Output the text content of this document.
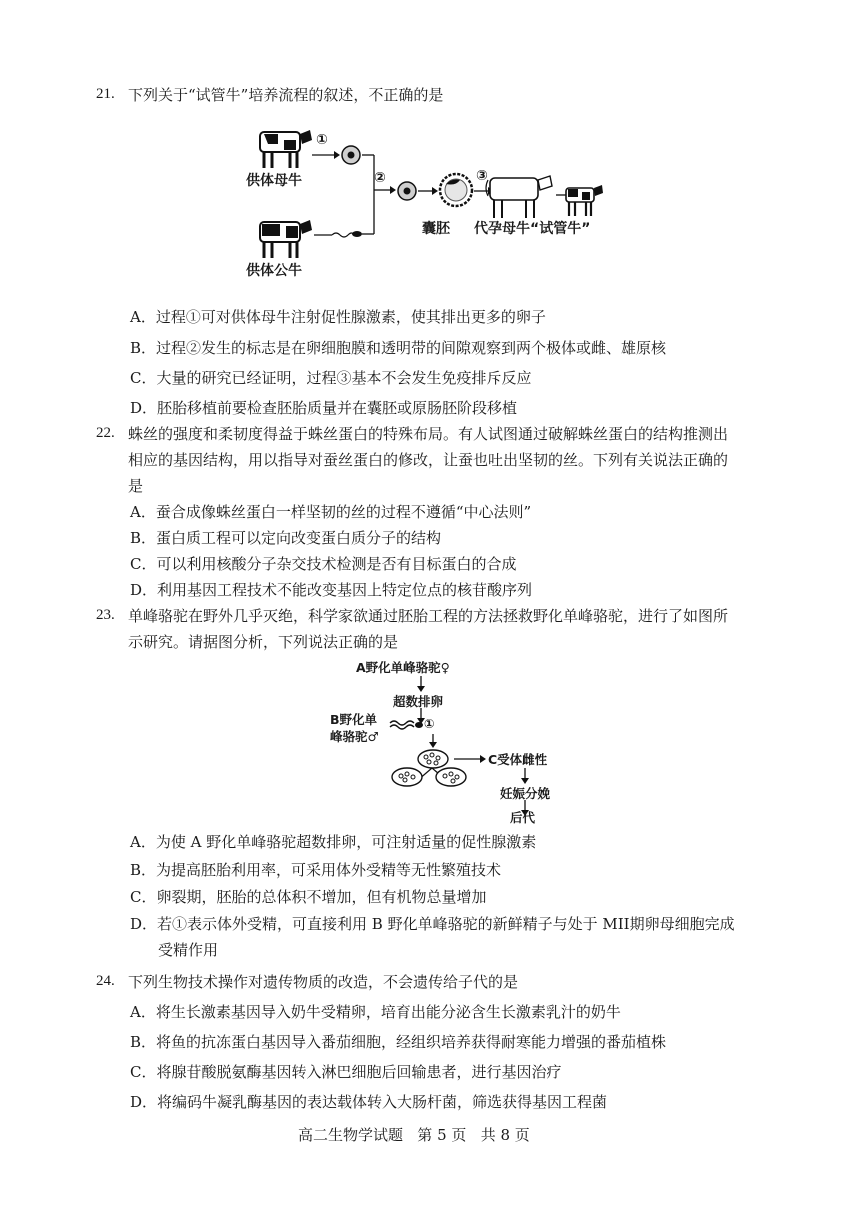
21. 下列关于“试管牛”培养流程的叙述，不正确的是
供体母牛
①
②
供体公牛
囊胚
③
代孕母牛“试管牛”
A．过程①可对供体母牛注射促性腺激素，使其排出更多的卵子
B．过程②发生的标志是在卵细胞膜和透明带的间隙观察到两个极体或雌、雄原核
C．大量的研究已经证明，过程③基本不会发生免疫排斥反应
D．胚胎移植前要检查胚胎质量并在囊胚或原肠胚阶段移植
22. 蛛丝的强度和柔韧度得益于蛛丝蛋白的特殊布局。有人试图通过破解蛛丝蛋白的结构推测出
相应的基因结构，用以指导对蚕丝蛋白的修改，让蚕也吐出坚韧的丝。下列有关说法正确的
是
A．蚕合成像蛛丝蛋白一样坚韧的丝的过程不遵循“中心法则”
B．蛋白质工程可以定向改变蛋白质分子的结构
C．可以利用核酸分子杂交技术检测是否有目标蛋白的合成
D．利用基因工程技术不能改变基因上特定位点的核苷酸序列
23. 单峰骆驼在野外几乎灭绝，科学家欲通过胚胎工程的方法拯救野化单峰骆驼，进行了如图所
示研究。请据图分析，下列说法正确的是
A野化单峰骆驼♀
超数排卵
B野化单
峰骆驼♂
①
C受体雌性
妊娠分娩
后代
A．为使 A 野化单峰骆驼超数排卵，可注射适量的促性腺激素
B．为提高胚胎利用率，可采用体外受精等无性繁殖技术
C．卵裂期，胚胎的总体积不增加，但有机物总量增加
D．若①表示体外受精，可直接利用 B 野化单峰骆驼的新鲜精子与处于 MII期卵母细胞完成
受精作用
24. 下列生物技术操作对遗传物质的改造，不会遗传给子代的是
A．将生长激素基因导入奶牛受精卵，培育出能分泌含生长激素乳汁的奶牛
B．将鱼的抗冻蛋白基因导入番茄细胞，经组织培养获得耐寒能力增强的番茄植株
C．将腺苷酸脱氨酶基因转入淋巴细胞后回输患者，进行基因治疗
D．将编码牛凝乳酶基因的表达载体转入大肠杆菌，筛选获得基因工程菌
高二生物学试题   第 5 页   共 8 页
